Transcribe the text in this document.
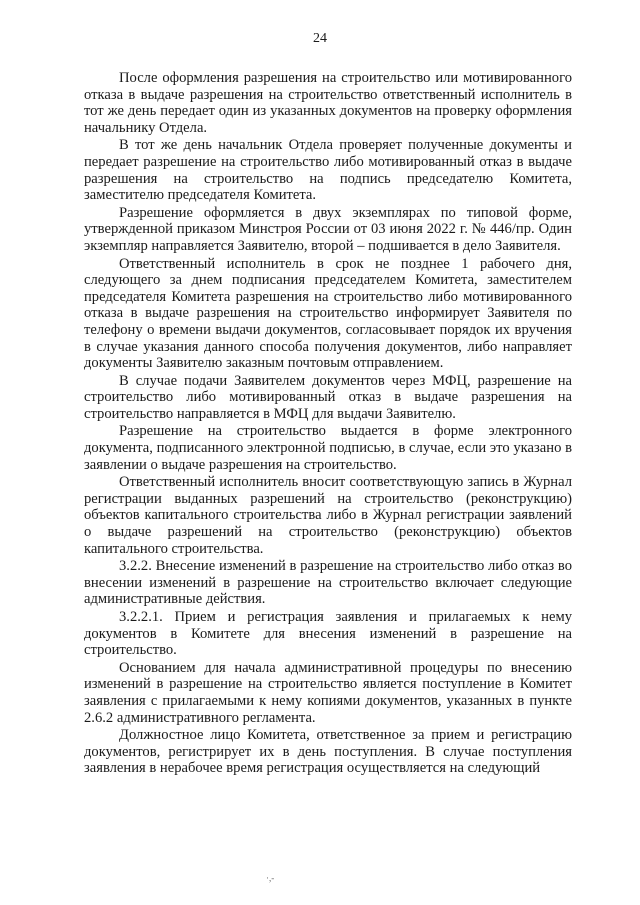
24

После оформления разрешения на строительство или мотивированного отказа в выдаче разрешения на строительство ответственный исполнитель в тот же день передает один из указанных документов на проверку оформления начальнику Отдела.

В тот же день начальник Отдела проверяет полученные документы и передает разрешение на строительство либо мотивированный отказ в выдаче разрешения на строительство на подпись председателю Комитета, заместителю председателя Комитета.

Разрешение оформляется в двух экземплярах по типовой форме, утвержденной приказом Минстроя России от 03 июня 2022 г. № 446/пр. Один экземпляр направляется Заявителю, второй – подшивается в дело Заявителя.

Ответственный исполнитель в срок не позднее 1 рабочего дня, следующего за днем подписания председателем Комитета, заместителем председателя Комитета разрешения на строительство либо мотивированного отказа в выдаче разрешения на строительство информирует Заявителя по телефону о времени выдачи документов, согласовывает порядок их вручения в случае указания данного способа получения документов, либо направляет документы Заявителю заказным почтовым отправлением.

В случае подачи Заявителем документов через МФЦ, разрешение на строительство либо мотивированный отказ в выдаче разрешения на строительство направляется в МФЦ для выдачи Заявителю.

Разрешение на строительство выдается в форме электронного документа, подписанного электронной подписью, в случае, если это указано в заявлении о выдаче разрешения на строительство.

Ответственный исполнитель вносит соответствующую запись в Журнал регистрации выданных разрешений на строительство (реконструкцию) объектов капитального строительства либо в Журнал регистрации заявлений о выдаче разрешений на строительство (реконструкцию) объектов капитального строительства.

3.2.2. Внесение изменений в разрешение на строительство либо отказ во внесении изменений в разрешение на строительство включает следующие административные действия.

3.2.2.1. Прием и регистрация заявления и прилагаемых к нему документов в Комитете для внесения изменений в разрешение на строительство.

Основанием для начала административной процедуры по внесению изменений в разрешение на строительство является поступление в Комитет заявления с прилагаемыми к нему копиями документов, указанных в пункте 2.6.2 административного регламента.

Должностное лицо Комитета, ответственное за прием и регистрацию документов, регистрирует их в день поступления. В случае поступления заявления в нерабочее время регистрация осуществляется на следующий

·,-
